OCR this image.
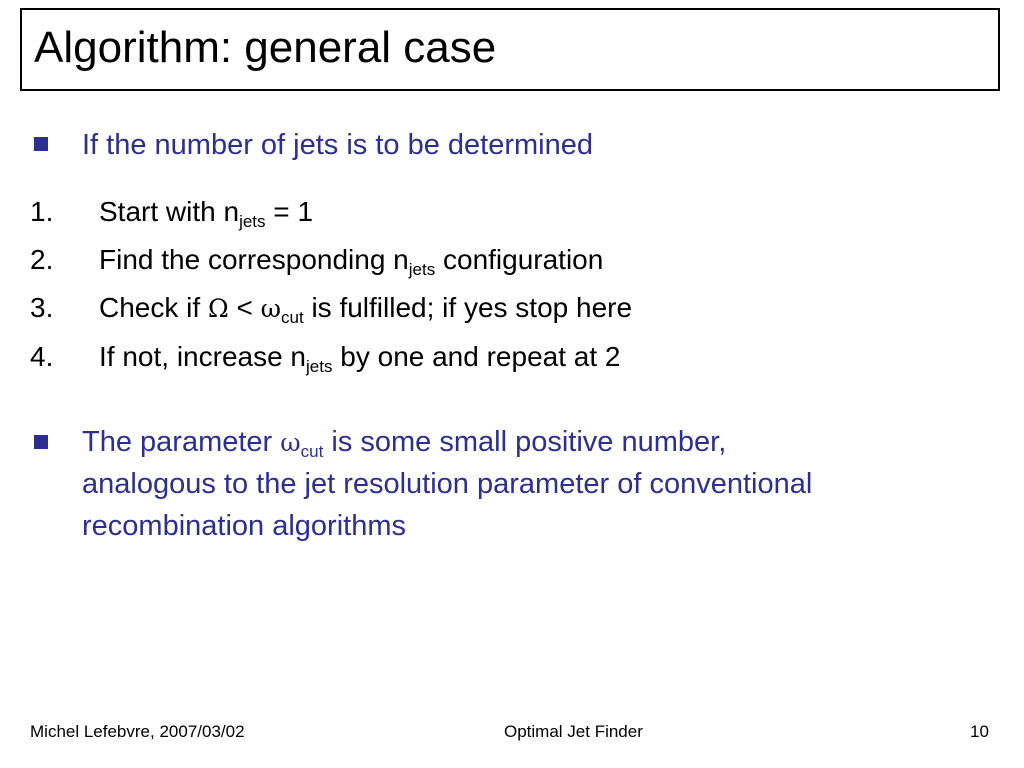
Algorithm: general case
If the number of jets is to be determined
1. Start with $n_{jets} = 1$
2. Find the corresponding $n_{jets}$ configuration
3. Check if $\Omega < \omega_{cut}$ is fulfilled; if yes stop here
4. If not, increase $n_{jets}$ by one and repeat at 2
The parameter $\omega_{cut}$ is some small positive number,
analogous to the jet resolution parameter of conventional
recombination algorithms
Michel Lefebvre, 2007/03/02	Optimal Jet Finder	10
